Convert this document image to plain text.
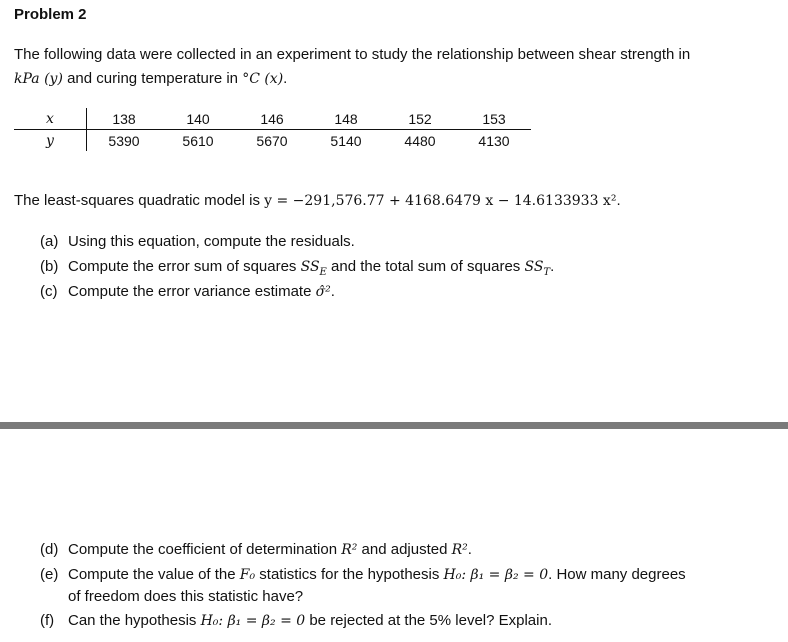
Problem 2
The following data were collected in an experiment to study the relationship between shear strength in
kPa (y) and curing temperature in °C (x).
x	138	140	146	148	152	153
y	5390	5610	5670	5140	4480	4130
The least-squares quadratic model is y = −291,576.77 + 4168.6479 x − 14.6133933 x².
(a) Using this equation, compute the residuals.
(b) Compute the error sum of squares $SS_E$ and the total sum of squares $SS_T$.
(c) Compute the error variance estimate σ̂².
(d) Compute the coefficient of determination R² and adjusted R².
(e) Compute the value of the F₀ statistics for the hypothesis H₀: β₁ = β₂ = 0. How many degrees
of freedom does this statistic have?
(f) Can the hypothesis H₀: β₁ = β₂ = 0 be rejected at the 5% level? Explain.
